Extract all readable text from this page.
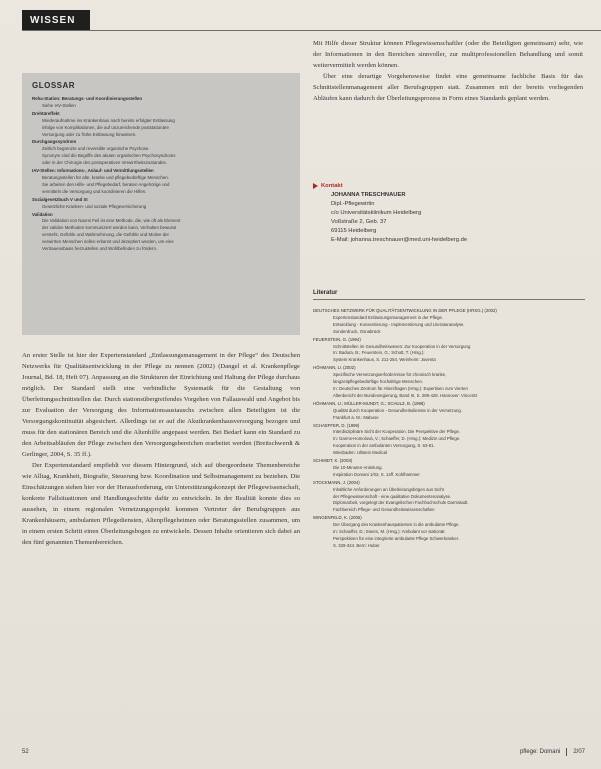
WISSEN
GLOSSAR
Reha-Station: Beratungs- und Koordinierungsstellen
Siehe IAV-Stellen
Drehtüreffekt
Wiederaufnahme ins Krankenhaus nach bereits erfolgter Entlassung
infolge von Komplikationen, die auf unzureichende poststationäre
Versorgung oder zu frühe Entlassung hinweisen.
Durchgangssyndrom
Zeitlich begrenzte und reversible organische Psychose.
Synonym sind die Begriffe des akuten organischen Psychosyndroms
oder in der Chirurgie des postoperativen Verwirrtheitszustandes.
IAV-Stellen: Informations-, Anlauf- und Vermittlungsstellen
Beratungsstellen für alte, kranke und pflegebedürftige Menschen.
Sie arbeiten den Hilfe- und Pflegebedarf, beraten Angehörige und
vermitteln die Versorgung und koordinieren die Hilfen.
Sozialgesetzbuch V und XI
Gesetzliche Kranken- und soziale Pflegeversicherung
Validation
Die Validation von Naomi Feil ist eine Methode, die, wie oft als Element
der validen Methoden kommuniziert werden kann, Verhalten bewusst
versteht, Gefühle und Wahrnehmung, die Gefühle und Motive der
verwirrten Menschen sollen erkannt und akzeptiert werden, um eine
Vertrauensbasis herzustellen und Wohlbefinden zu fördern.

An erster Stelle ist hier der Expertenstandard „Entlassungsmanagement in der Pflege“ des Deutschen Netzwerks für Qualitätsentwicklung in der Pflege zu nennen (2002) (Dangel et al. Krankenpflege Journal, Bd. 18, Heft 07). Anpassung an die Strukturen der Einrichtung und Haltung der Pflege durchaus möglich. Der Standard stellt eine verbindliche Systematik für die Gestaltung von Überleitungsschnittstellen dar. Durch stationsübergreifendes Vorgehen von Fallauswahl und Angebot bis zur Evaluation der Versorgung des Informationsaustauschs zwischen allen Beteiligten ist die Versorgungskontinuität abgesichert. Allerdings ist er auf die Akutkrankenhausversorgung bezogen und muss für den stationären Bereich und die Altenhilfe angepasst werden. Bei Bedarf kann ein Standard zu den Arbeitsabläufen der Pflege zwischen den Versorgungsbereichen erarbeitet werden (Breitschwerdt & Gerlinger, 2004, S. 35 ff.).

Der Expertenstandard empfiehlt vor diesem Hintergrund, sich auf übergeordnete Themenbereiche wie Alltag, Krankheit, Biografie, Steuerung bzw. Koordination und Selbstmanagement zu beziehen. Die Einschätzungen stehen hier vor der Herausforderung, ein Unterstützungskonzept der Pflegewissenschaft, konkrete Fallsituationen und Handlungsschritte dafür zu entwickeln. In der Realität konnte dies so aussehen, in einem regionalen Vernetzungsprojekt kommen Vertreter der Berufsgruppen aus Krankenhäusern, ambulanten Pflegediensten, Altenpflegeheimen oder Beratungsstellen zusammen, um in einem ersten Schritt einen Überleitungsbogen zu entwickeln. Dessen Inhalte orientieren sich dabei an den fünf genannten Themenbereichen.

Mit Hilfe dieser Struktur können Pflegewissenschaftler (oder die Beteiligten gemeinsam) sehr, wie der Informationen in den Bereichen sinnvoller, zur multiprofessionellen Behandlung und somit weitervermittelt werden können.

Über eine derartige Vorgehensweise findet eine gemeinsame fachliche Basis für das Schnittstellenmanagement aller Berufsgruppen statt. Zusammen mit der bereits vorliegenden Abläufen kann dadurch der Überleitungsprozess in Form eines Standards geplant werden.

Kontakt
JOHANNA TRESCHNAUER
Dipl.-Pflegewirtin
c/o Universitätsklinikum Heidelberg
Voßstraße 2, Geb. 37
69115 Heidelberg
E-Mail: johanna.treschnauer@med.uni-heidelberg.de
Literatur
DEUTSCHES NETZWERK FÜR QUALITÄTSENTWICKLUNG IN DER PFLEGE (HRSG.) (2002)
Expertenstandard Entlassungsmanagement in der Pflege.
Entwicklung - Konsentierung - Implementierung und Literaturanalyse.
Sonderdruck, Osnabrück
FEUERSTEIN, G. (1994)
Schnittstellen im Gesundheitswesen: Zur Kooperation in der Versorgung
In: Badura, B.; Feuerstein, G.; Schott, T. (Hrsg.):
System Krankenhaus, S. 211-254. Weinheim: Juventa
HÖHMANN, U. (2002)
Spezifische Vernetzungserfordernisse für chronisch kranke,
langzeitpflegebedürftige hochaltrige Menschen.
In: Deutsches Zentrum für Altersfragen (Hrsg.): Expertisen zum Vierten
Altenbericht der Bundesregierung, Band III, S. 289-428. Hannover: Vincentz
HÖHMANN, U.; MÜLLER-MUNDT, G.; SCHULZ, B. (1998)
Qualität durch Kooperation - Gesundheitsdienste in der Vernetzung.
Frankfurt a. M.: Mabuse
SCHAEFFER, D. (1999)
Interdisziplinäre Sicht der Kooperation. Die Perspektive der Pflege.
In: Garms-Homolová, V.; Schaeffer, D. (Hrsg.): Medizin und Pflege.
Kooperation in der ambulanten Versorgung, S. 63-81.
Wiesbaden: Ullstein Medical
SCHMIDT, K. (2003)
Die 10-Minuten-Anleitung.
Inspiration Domani 1/03, S. 14ff. Kohlhammer
STOCKMANN, J. (2004)
Inhaltliche Anforderungen an Überleitungsbögen aus Sicht
der Pflegewissenschaft - eine qualitative Dokumentenanalyse.
Diplomarbeit, vorgelegt der Evangelischen Fachhochschule Darmstadt.
Fachbereich Pflege- und Gesundheitswissenschaften
WINGENFELD, K. (2005)
Der Übergang des Krankenhauspatienten in die ambulante Pflege.
In: Schaeffer, D.; Ewers, M. (Hrsg.): Ambulant vor stationär.
Perspektiven für eine integrierte ambulante Pflege Schwerkranker.
S. 329-344. Bern: Huber
52	pflege: Domani 2/07
